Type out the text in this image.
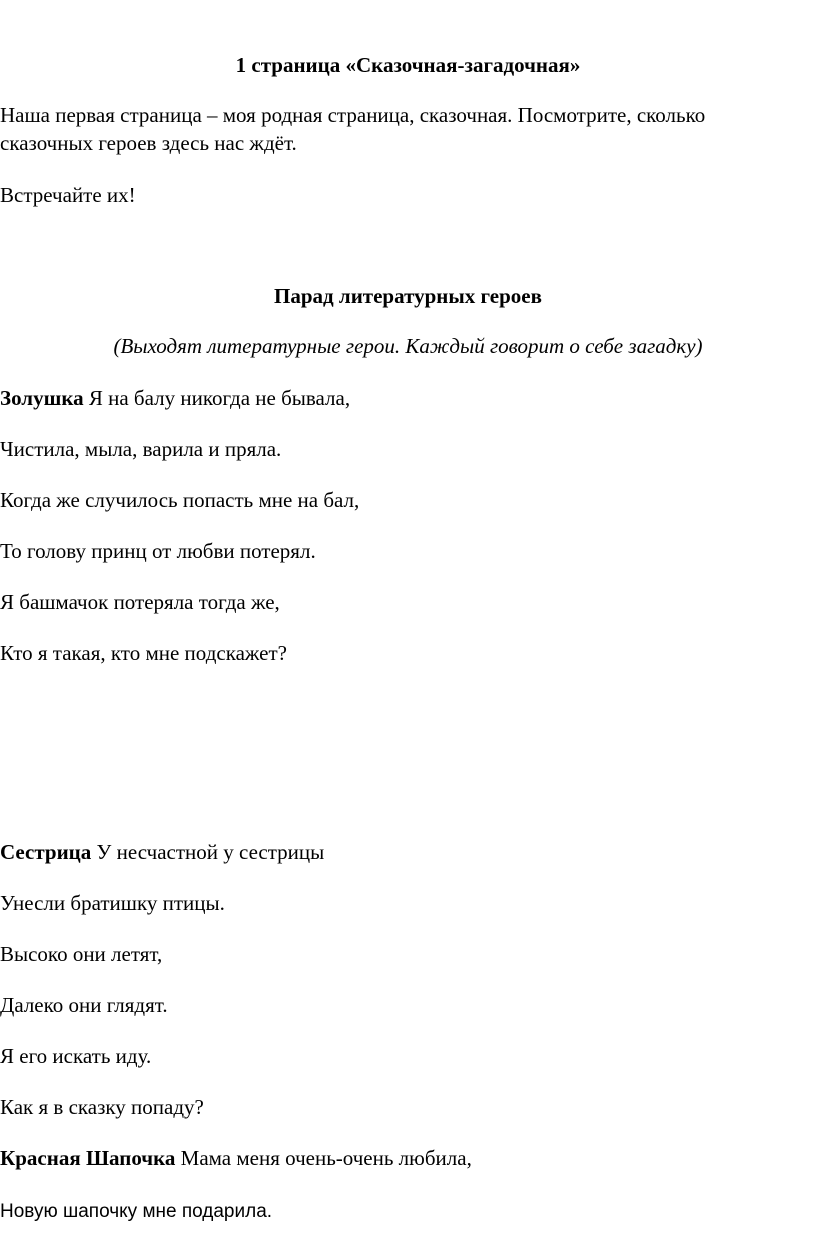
1 страница «Сказочная-загадочная»
Наша первая страница – моя родная страница, сказочная. Посмотрите, сколько
сказочных героев здесь нас ждёт.
Встречайте их!
Парад литературных героев
(Выходят литературные герои. Каждый говорит о себе загадку)
Золушка Я на балу никогда не бывала,
Чистила, мыла, варила и пряла.
Когда же случилось попасть мне на бал,
То голову принц от любви потерял.
Я башмачок потеряла тогда же,
Кто я такая, кто мне подскажет?
Сестрица У несчастной у сестрицы
Унесли братишку птицы.
Высоко они летят,
Далеко они глядят.
Я его искать иду.
Как я в сказку попаду?
Красная Шапочка Мама меня очень-очень любила,
Новую шапочку мне подарила.
